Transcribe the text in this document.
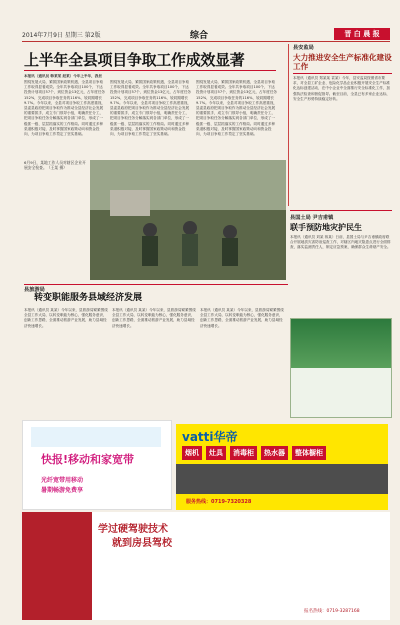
2014年7月9日 星期三 第2版	综合	晋 白 晨 报
上半年全县项目争取工作成效显著
本报讯（通讯员 韩某某 赵某）今年上半年，我县
围绕发展大局，紧抓国家政策机遇，全县项目争取工作取得显著成效。全年共争取项目100个，下达投资计划项目57个，到位资金13亿元，占年度任务152%，完成项目争取任务的116%，较同期增长9.7%。今年以来，全县对项目争取工作高度重视，县委县政府把项目争取作为推动全县经济社会发展的重要抓手，成立专门领导小组，明确责任分工，把项目争取任务分解落实到各部门单位，形成了一级抓一级、层层抓落实的工作格局。同时通过多种渠道积极对接，及时掌握国家政策动向和资金投向，为项目争取工作奠定了坚实基础。
围绕发展大局，紧抓国家政策机遇，全县项目争取工作取得显著成效。全年共争取项目100个，下达投资计划项目57个，到位资金13亿元，占年度任务152%，完成项目争取任务的116%，较同期增长9.7%。今年以来，全县对项目争取工作高度重视，县委县政府把项目争取作为推动全县经济社会发展的重要抓手，成立专门领导小组，明确责任分工，把项目争取任务分解落实到各部门单位，形成了一级抓一级、层层抓落实的工作格局。同时通过多种渠道积极对接，及时掌握国家政策动向和资金投向，为项目争取工作奠定了坚实基础。
围绕发展大局，紧抓国家政策机遇，全县项目争取工作取得显著成效。全年共争取项目100个，下达投资计划项目57个，到位资金13亿元，占年度任务152%，完成项目争取任务的116%，较同期增长9.7%。今年以来，全县对项目争取工作高度重视，县委县政府把项目争取作为推动全县经济社会发展的重要抓手，成立专门领导小组，明确责任分工，把项目争取任务分解落实到各部门单位，形成了一级抓一级、层层抓落实的工作格局。同时通过多种渠道积极对接，及时掌握国家政策动向和资金投向，为项目争取工作奠定了坚实基础。
县安监局
大力推进安全生产标准化建设工作
本报讯（通讯员 郑某某 袁某）今年，县安监局按照省市要求，对全县工矿企业、危险化学品企业积极开展安全生产标准化达标创建活动，在中小企业中全面推行安全标准化工作，加强执法检查和督促指导。截至目前，全县已有多家企业达标，安全生产形势持续稳定好转。
6月9日，某地工作人员对辖区企业开展安全检查。（王某 摄）
县国土局 尹吉甫镇
联手预防地灾护民生
本报讯（通讯员 刘某 蒋某）日前，县国土局与尹吉甫镇政府联合开展地质灾害防治巡查工作，对辖区内地灾隐患点进行全面排查，落实监测责任人，制定应急预案，确保群众生命财产安全。
县旅游局
转变职能服务县域经济发展
本报讯（通讯员 某某）今年以来，县旅游局紧紧围绕全县工作大局，以转变职能为核心，强化服务意识，创新工作思路，全面推动旅游产业发展，助力县域经济快速增长。
本报讯（通讯员 某某）今年以来，县旅游局紧紧围绕全县工作大局，以转变职能为核心，强化服务意识，创新工作思路，全面推动旅游产业发展，助力县域经济快速增长。
本报讯（通讯员 某某）今年以来，县旅游局紧紧围绕全县工作大局，以转变职能为核心，强化服务意识，创新工作思路，全面推动旅游产业发展，助力县域经济快速增长。
快报!移动和家宽带
光纤宽带用移动
暑期畅游免费享
vatti华帝
烟机	灶具	消毒柜	热水器	整体橱柜
服务热线：0719-7320328
学过硬驾驶技术
就到房县驾校
报名热线：0719-3287168
